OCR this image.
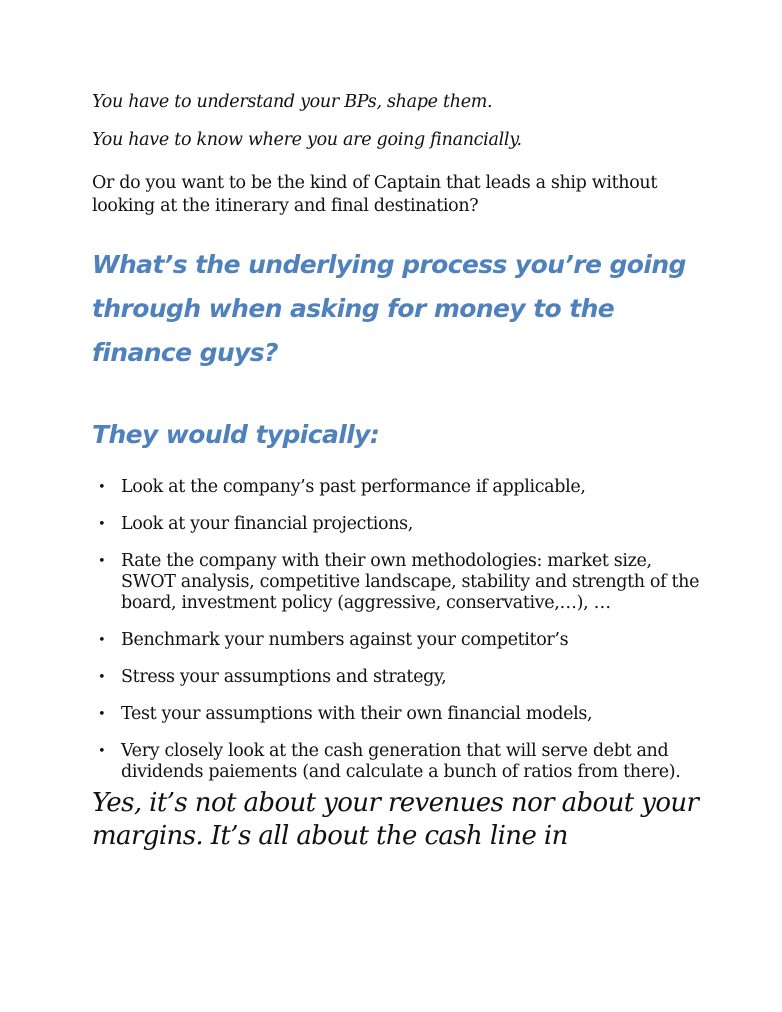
You have to understand your BPs, shape them.

You have to know where you are going financially.

Or do you want to be the kind of Captain that leads a ship without looking at the itinerary and final destination?

What’s the underlying process you’re going through when asking for money to the finance guys?
They would typically:
• Look at the company’s past performance if applicable,
• Look at your financial projections,
• Rate the company with their own methodologies: market size, SWOT analysis, competitive landscape, stability and strength of the board, investment policy (aggressive, conservative,…), …
• Benchmark your numbers against your competitor’s
• Stress your assumptions and strategy,
• Test your assumptions with their own financial models,
• Very closely look at the cash generation that will serve debt and dividends paiements (and calculate a bunch of ratios from there).

Yes, it’s not about your revenues nor about your margins. It’s all about the cash line in
